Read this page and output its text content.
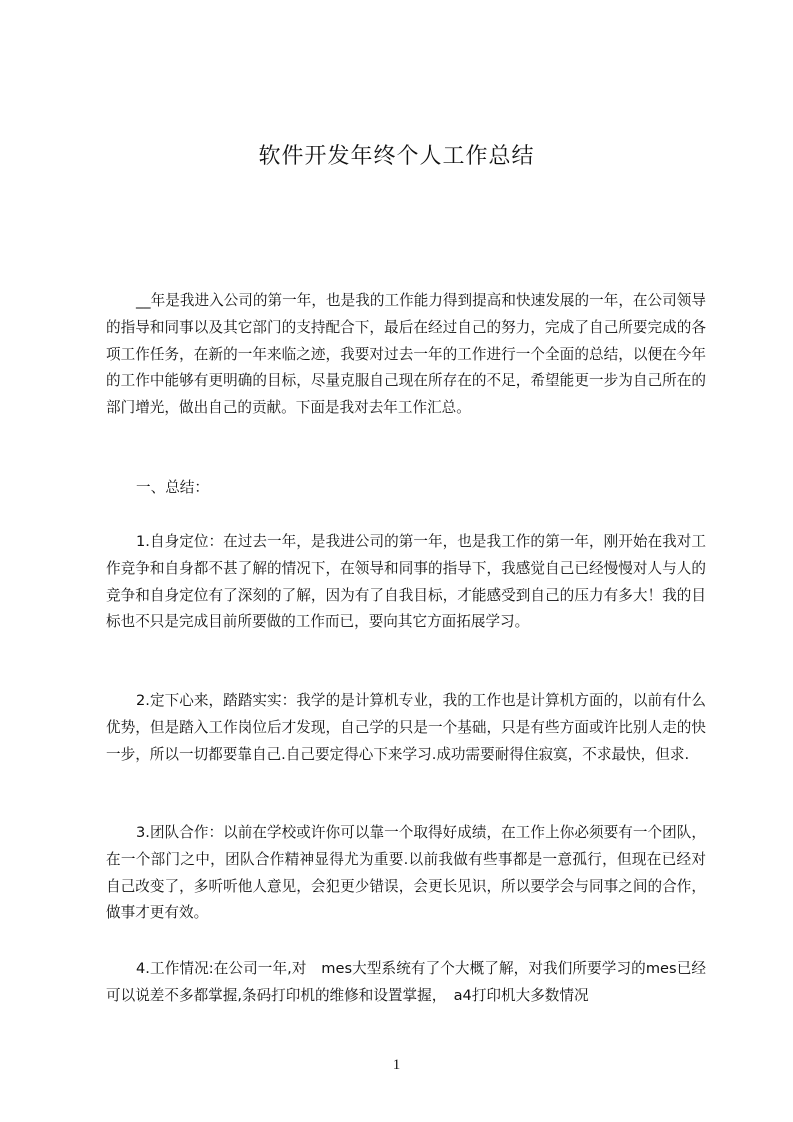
软件开发年终个人工作总结
__年是我进入公司的第一年，也是我的工作能力得到提高和快速发展的一年，在公司领导的指导和同事以及其它部门的支持配合下，最后在经过自己的努力，完成了自己所要完成的各项工作任务，在新的一年来临之迹，我要对过去一年的工作进行一个全面的总结，以便在今年的工作中能够有更明确的目标，尽量克服自己现在所存在的不足，希望能更一步为自己所在的部门增光，做出自己的贡献。下面是我对去年工作汇总。
一、总结：
1.自身定位：在过去一年，是我进公司的第一年，也是我工作的第一年，刚开始在我对工作竞争和自身都不甚了解的情况下，在领导和同事的指导下，我感觉自己已经慢慢对人与人的竞争和自身定位有了深刻的了解，因为有了自我目标，才能感受到自己的压力有多大！我的目标也不只是完成目前所要做的工作而已，要向其它方面拓展学习。
2.定下心来，踏踏实实：我学的是计算机专业，我的工作也是计算机方面的，以前有什么优势，但是踏入工作岗位后才发现，自己学的只是一个基础，只是有些方面或许比别人走的快一步，所以一切都要靠自己.自己要定得心下来学习.成功需要耐得住寂寞，不求最快，但求.
3.团队合作：以前在学校或许你可以靠一个取得好成绩，在工作上你必须要有一个团队，在一个部门之中，团队合作精神显得尤为重要.以前我做有些事都是一意孤行，但现在已经对自己改变了，多听听他人意见，会犯更少错误，会更长见识，所以要学会与同事之间的合作，做事才更有效。
4.工作情况:在公司一年,对　mes大型系统有了个大概了解，对我们所要学习的mes已经可以说差不多都掌握,条码打印机的维修和设置掌握，　a4打印机大多数情况
1
